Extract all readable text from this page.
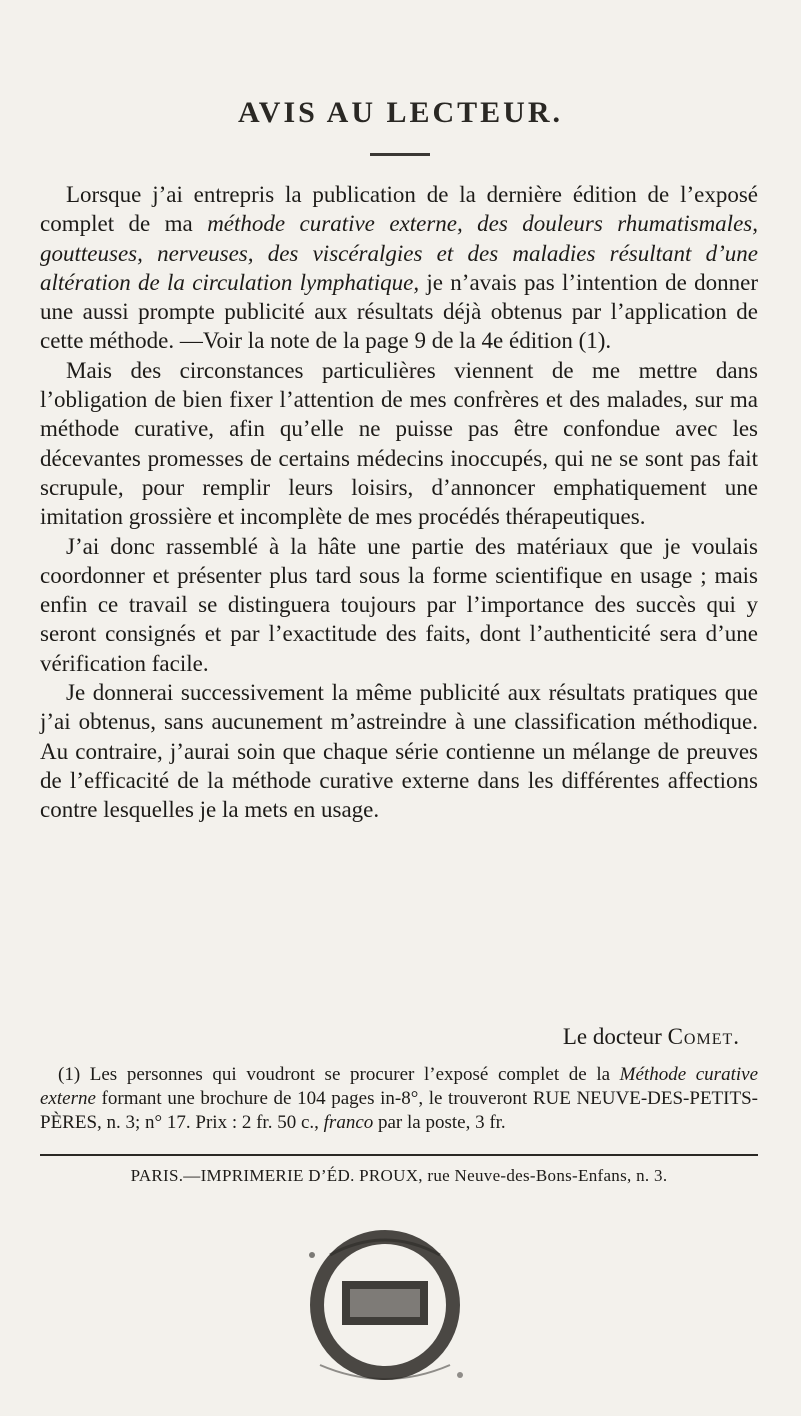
AVIS AU LECTEUR.

Lorsque j’ai entrepris la publication de la dernière édition de l’exposé complet de ma méthode curative externe, des douleurs rhumatismales, goutteuses, nerveuses, des viscéralgies et des maladies résultant d’une altération de la circulation lymphatique, je n’avais pas l’intention de donner une aussi prompte publicité aux résultats déjà obtenus par l’application de cette méthode. —Voir la note de la page 9 de la 4e édition (1).

Mais des circonstances particulières viennent de me mettre dans l’obligation de bien fixer l’attention de mes confrères et des malades, sur ma méthode curative, afin qu’elle ne puisse pas être confondue avec les décevantes promesses de certains médecins inoccupés, qui ne se sont pas fait scrupule, pour remplir leurs loisirs, d’annoncer emphatiquement une imitation grossière et incomplète de mes procédés thérapeutiques.

J’ai donc rassemblé à la hâte une partie des matériaux que je voulais coordonner et présenter plus tard sous la forme scientifique en usage ; mais enfin ce travail se distinguera toujours par l’importance des succès qui y seront consignés et par l’exactitude des faits, dont l’authenticité sera d’une vérification facile.

Je donnerai successivement la même publicité aux résultats pratiques que j’ai obtenus, sans aucunement m’astreindre à une classification méthodique. Au contraire, j’aurai soin que chaque série contienne un mélange de preuves de l’efficacité de la méthode curative externe dans les différentes affections contre lesquelles je la mets en usage.

Le docteur Comet.

(1) Les personnes qui voudront se procurer l’exposé complet de la Méthode curative externe formant une brochure de 104 pages in-8°, le trouveront RUE NEUVE-DES-PETITS-PÈRES, n. 3; n° 17. Prix : 2 fr. 50 c., franco par la poste, 3 fr.

PARIS.—IMPRIMERIE D’ÉD. PROUX, rue Neuve-des-Bons-Enfans, n. 3.
